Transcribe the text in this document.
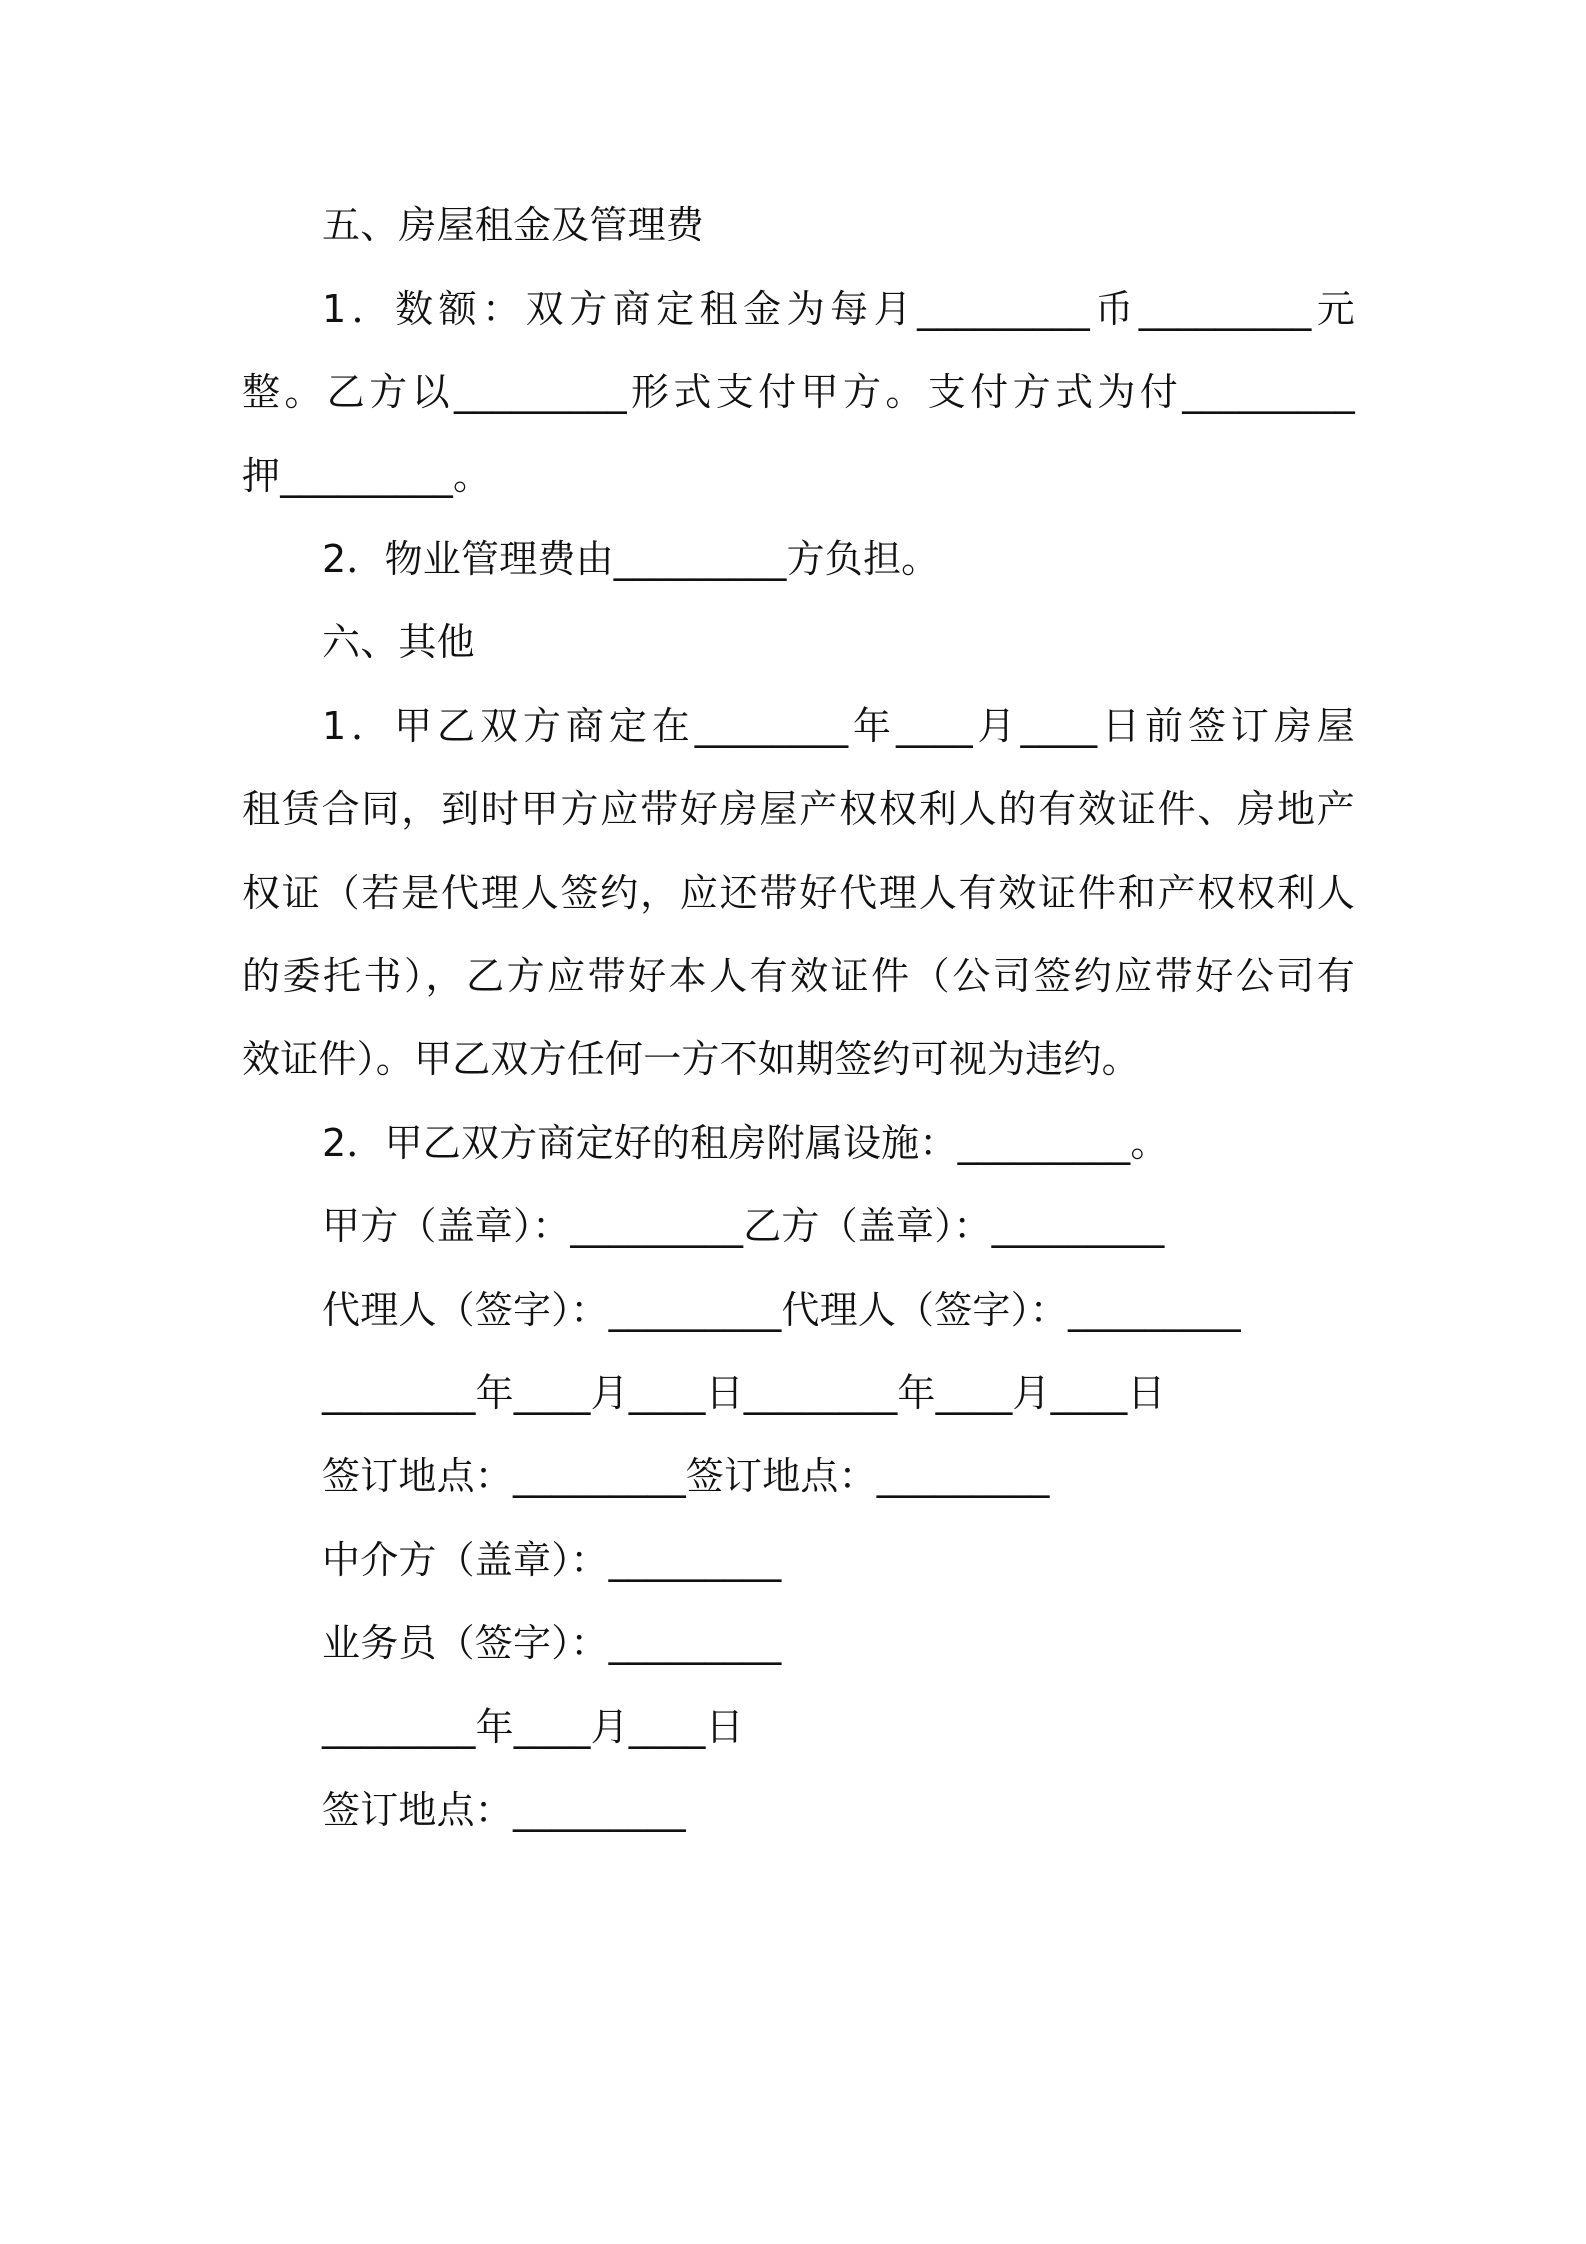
五、房屋租金及管理费
1．数额：双方商定租金为每月_________币_________元
整。乙方以_________形式支付甲方。支付方式为付_________
押_________。
2．物业管理费由_________方负担。
六、其他
1．甲乙双方商定在________年____月____日前签订房屋
租赁合同，到时甲方应带好房屋产权权利人的有效证件、房地产
权证（若是代理人签约，应还带好代理人有效证件和产权权利人
的委托书），乙方应带好本人有效证件（公司签约应带好公司有
效证件）。甲乙双方任何一方不如期签约可视为违约。
2．甲乙双方商定好的租房附属设施：_________。
甲方（盖章）：_________乙方（盖章）：_________
代理人（签字）：_________代理人（签字）：_________
________年____月____日________年____月____日
签订地点：_________签订地点：_________
中介方（盖章）：_________
业务员（签字）：_________
________年____月____日
签订地点：_________
